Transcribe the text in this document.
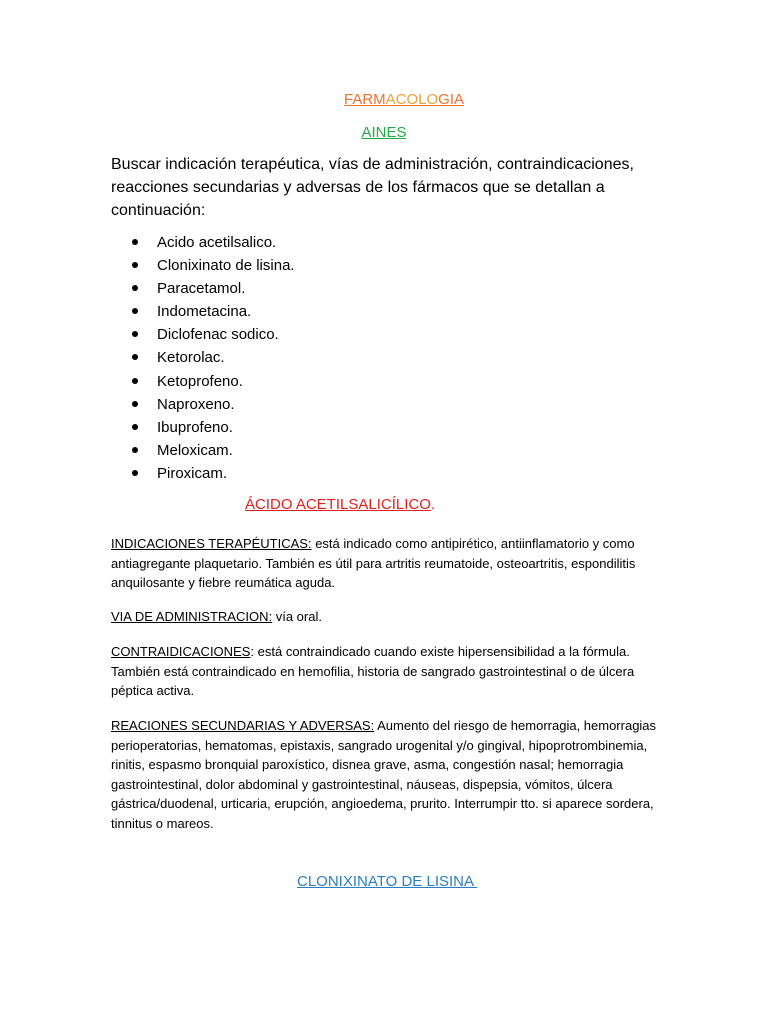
FARMACOLOGIA
AINES
Buscar indicación terapéutica, vías de administración, contraindicaciones, reacciones secundarias y adversas de los fármacos que se detallan a continuación:
Acido acetilsalico.
Clonixinato de lisina.
Paracetamol.
Indometacina.
Diclofenac sodico.
Ketorolac.
Ketoprofeno.
Naproxeno.
Ibuprofeno.
Meloxicam.
Piroxicam.
ÁCIDO ACETILSALICÍLICO.
INDICACIONES TERAPÉUTICAS: está indicado como antipirético, antiinflamatorio y como antiagregante plaquetario. También es útil para artritis reumatoide, osteoartritis, espondilitis anquilosante y fiebre reumática aguda.
VIA DE ADMINISTRACION: vía oral.
CONTRAIDICACIONES: está contraindicado cuando existe hipersensibilidad a la fórmula. También está contraindicado en hemofilia, historia de sangrado gastrointestinal o de úlcera péptica activa.
REACIONES SECUNDARIAS Y ADVERSAS: Aumento del riesgo de hemorragia, hemorragias perioperatorias, hematomas, epistaxis, sangrado urogenital y/o gingival, hipoprotrombinemia, rinitis, espasmo bronquial paroxístico, disnea grave, asma, congestión nasal; hemorragia gastrointestinal, dolor abdominal y gastrointestinal, náuseas, dispepsia, vómitos, úlcera gástrica/duodenal, urticaria, erupción, angioedema, prurito. Interrumpir tto. si aparece sordera, tinnitus o mareos.
CLONIXINATO DE LISINA
